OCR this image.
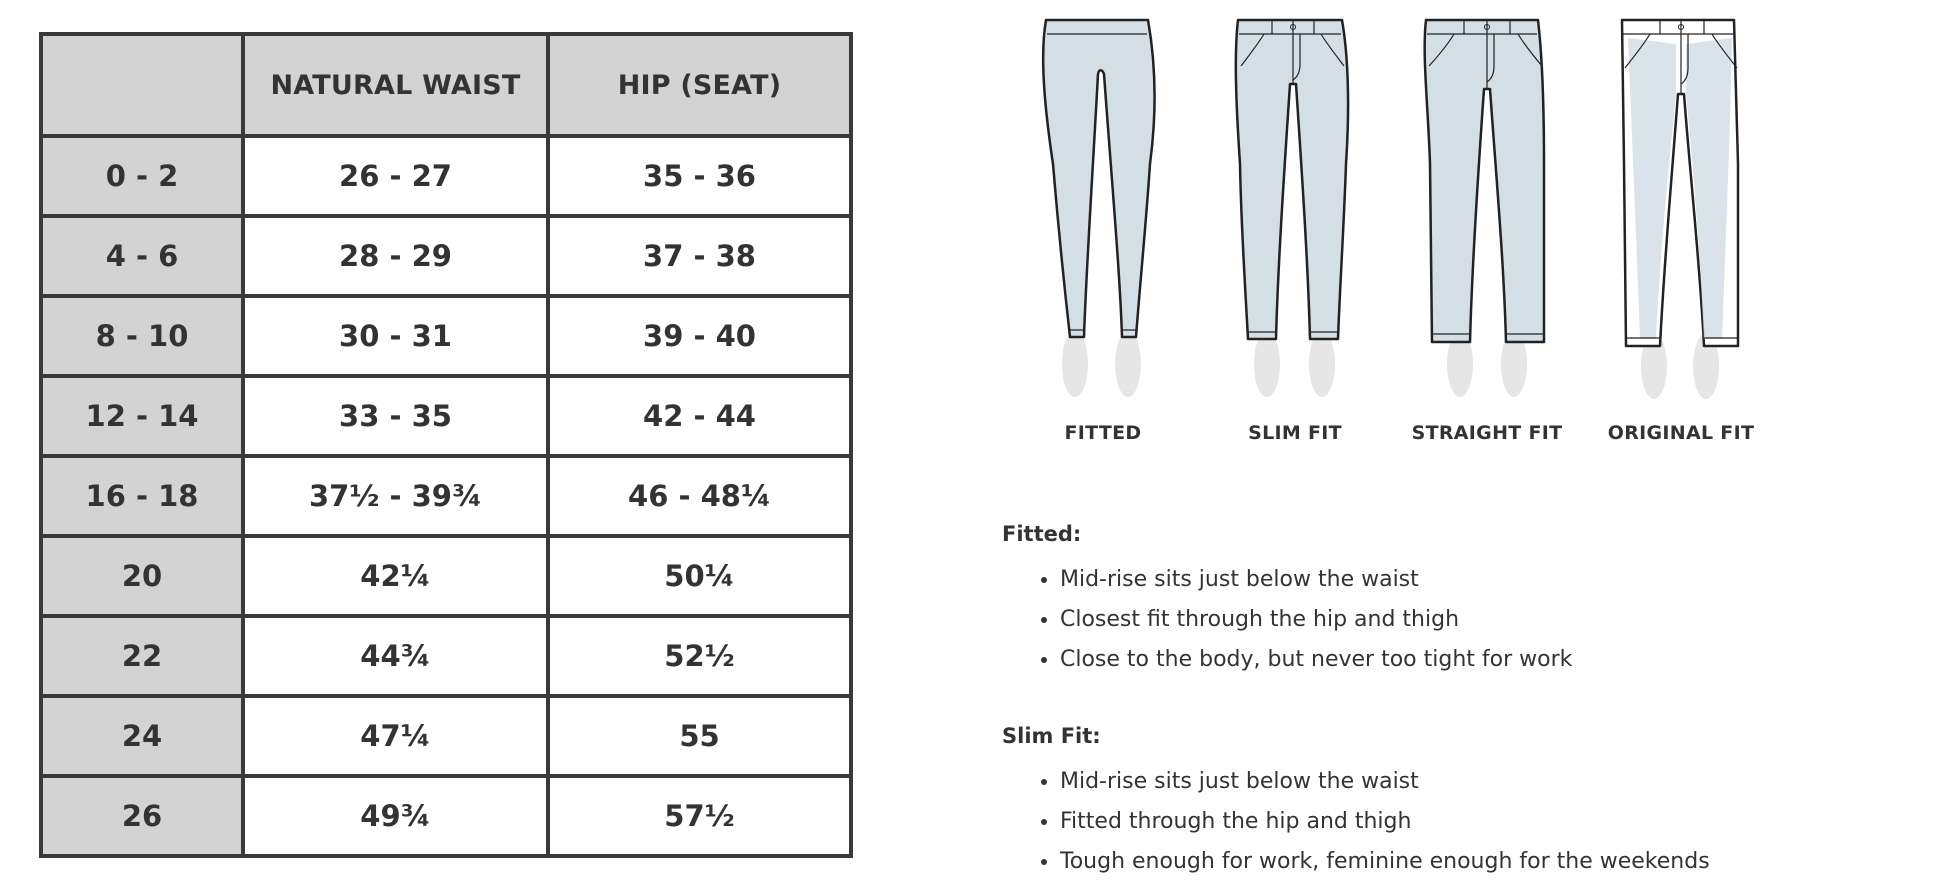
	NATURAL WAIST	HIP (SEAT)
0 - 2	26 - 27	35 - 36
4 - 6	28 - 29	37 - 38
8 - 10	30 - 31	39 - 40
12 - 14	33 - 35	42 - 44
16 - 18	37½ - 39¾	46 - 48¼
20	42¼	50¼
22	44¾	52½
24	47¼	55
26	49¾	57½
FITTED	SLIM FIT	STRAIGHT FIT	ORIGINAL FIT
Fitted:
• Mid-rise sits just below the waist
• Closest fit through the hip and thigh
• Close to the body, but never too tight for work
Slim Fit:
• Mid-rise sits just below the waist
• Fitted through the hip and thigh
• Tough enough for work, feminine enough for the weekends
